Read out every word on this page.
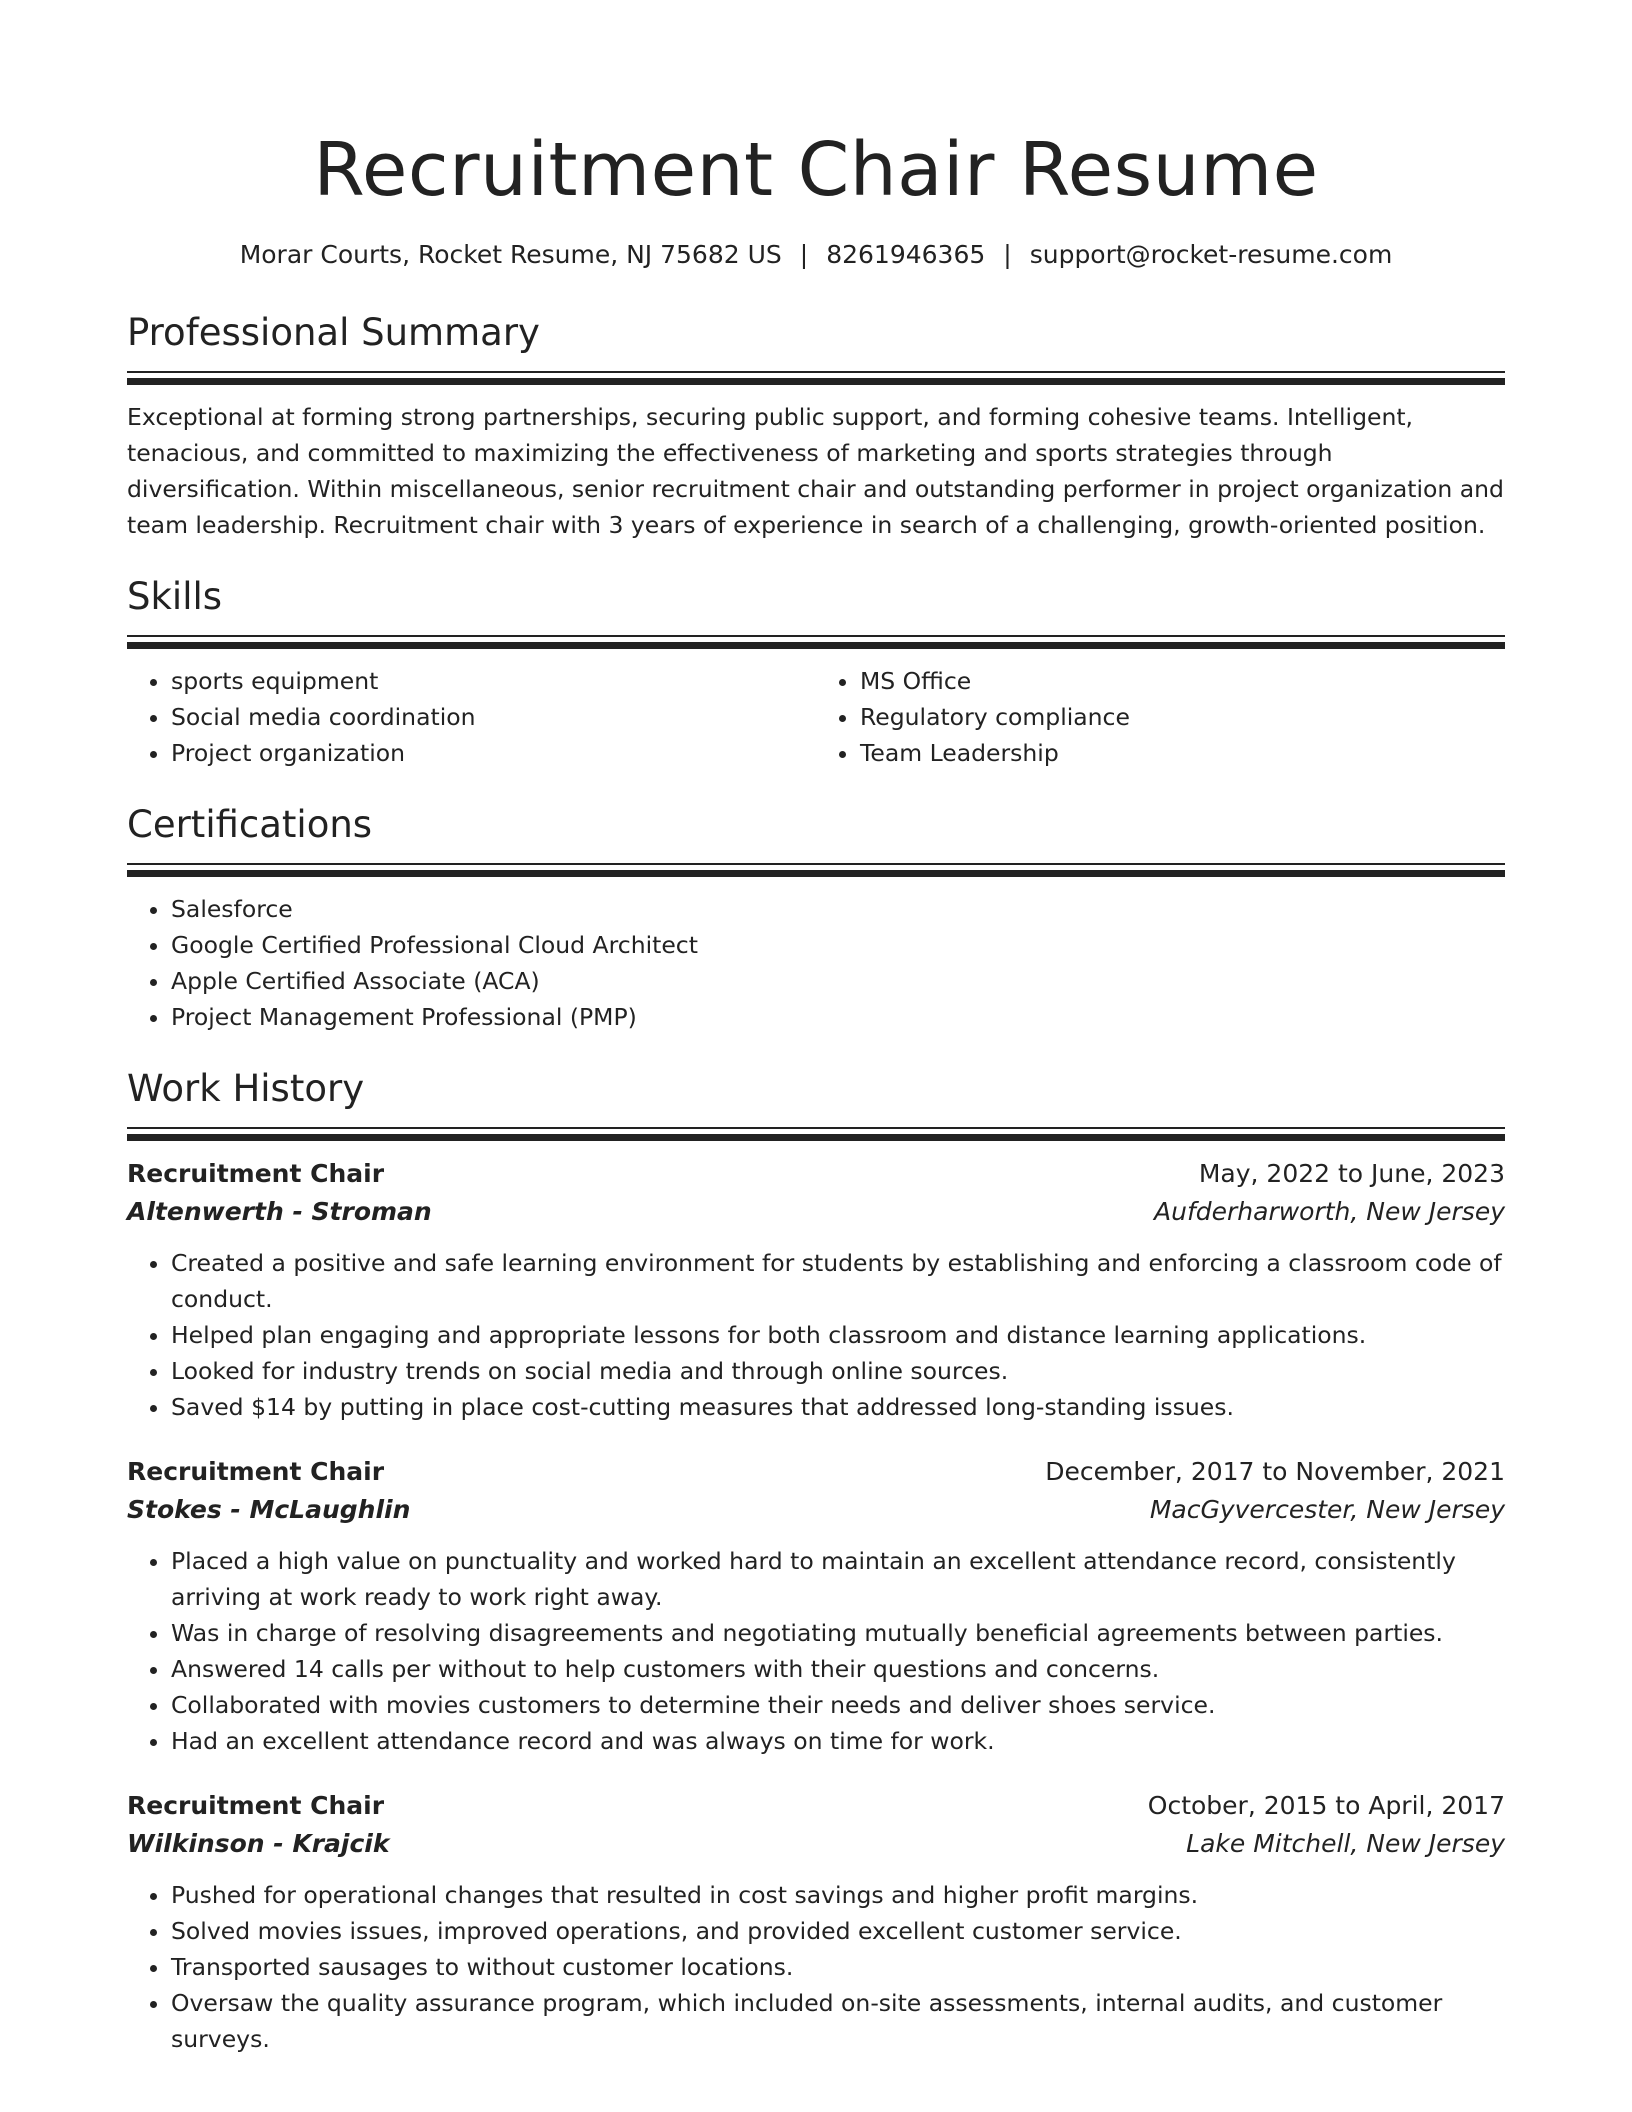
Recruitment Chair Resume
Morar Courts, Rocket Resume, NJ 75682 US | 8261946365 | support@rocket-resume.com
Professional Summary
Exceptional at forming strong partnerships, securing public support, and forming cohesive teams. Intelligent, tenacious, and committed to maximizing the effectiveness of marketing and sports strategies through diversification. Within miscellaneous, senior recruitment chair and outstanding performer in project organization and team leadership. Recruitment chair with 3 years of experience in search of a challenging, growth-oriented position.
Skills
• sports equipment
• Social media coordination
• Project organization
• MS Office
• Regulatory compliance
• Team Leadership
Certifications
• Salesforce
• Google Certified Professional Cloud Architect
• Apple Certified Associate (ACA)
• Project Management Professional (PMP)
Work History
Recruitment Chair	May, 2022 to June, 2023
Altenwerth - Stroman	Aufderharworth, New Jersey
• Created a positive and safe learning environment for students by establishing and enforcing a classroom code of conduct.
• Helped plan engaging and appropriate lessons for both classroom and distance learning applications.
• Looked for industry trends on social media and through online sources.
• Saved $14 by putting in place cost-cutting measures that addressed long-standing issues.
Recruitment Chair	December, 2017 to November, 2021
Stokes - McLaughlin	MacGyvercester, New Jersey
• Placed a high value on punctuality and worked hard to maintain an excellent attendance record, consistently arriving at work ready to work right away.
• Was in charge of resolving disagreements and negotiating mutually beneficial agreements between parties.
• Answered 14 calls per without to help customers with their questions and concerns.
• Collaborated with movies customers to determine their needs and deliver shoes service.
• Had an excellent attendance record and was always on time for work.
Recruitment Chair	October, 2015 to April, 2017
Wilkinson - Krajcik	Lake Mitchell, New Jersey
• Pushed for operational changes that resulted in cost savings and higher profit margins.
• Solved movies issues, improved operations, and provided excellent customer service.
• Transported sausages to without customer locations.
• Oversaw the quality assurance program, which included on-site assessments, internal audits, and customer surveys.
